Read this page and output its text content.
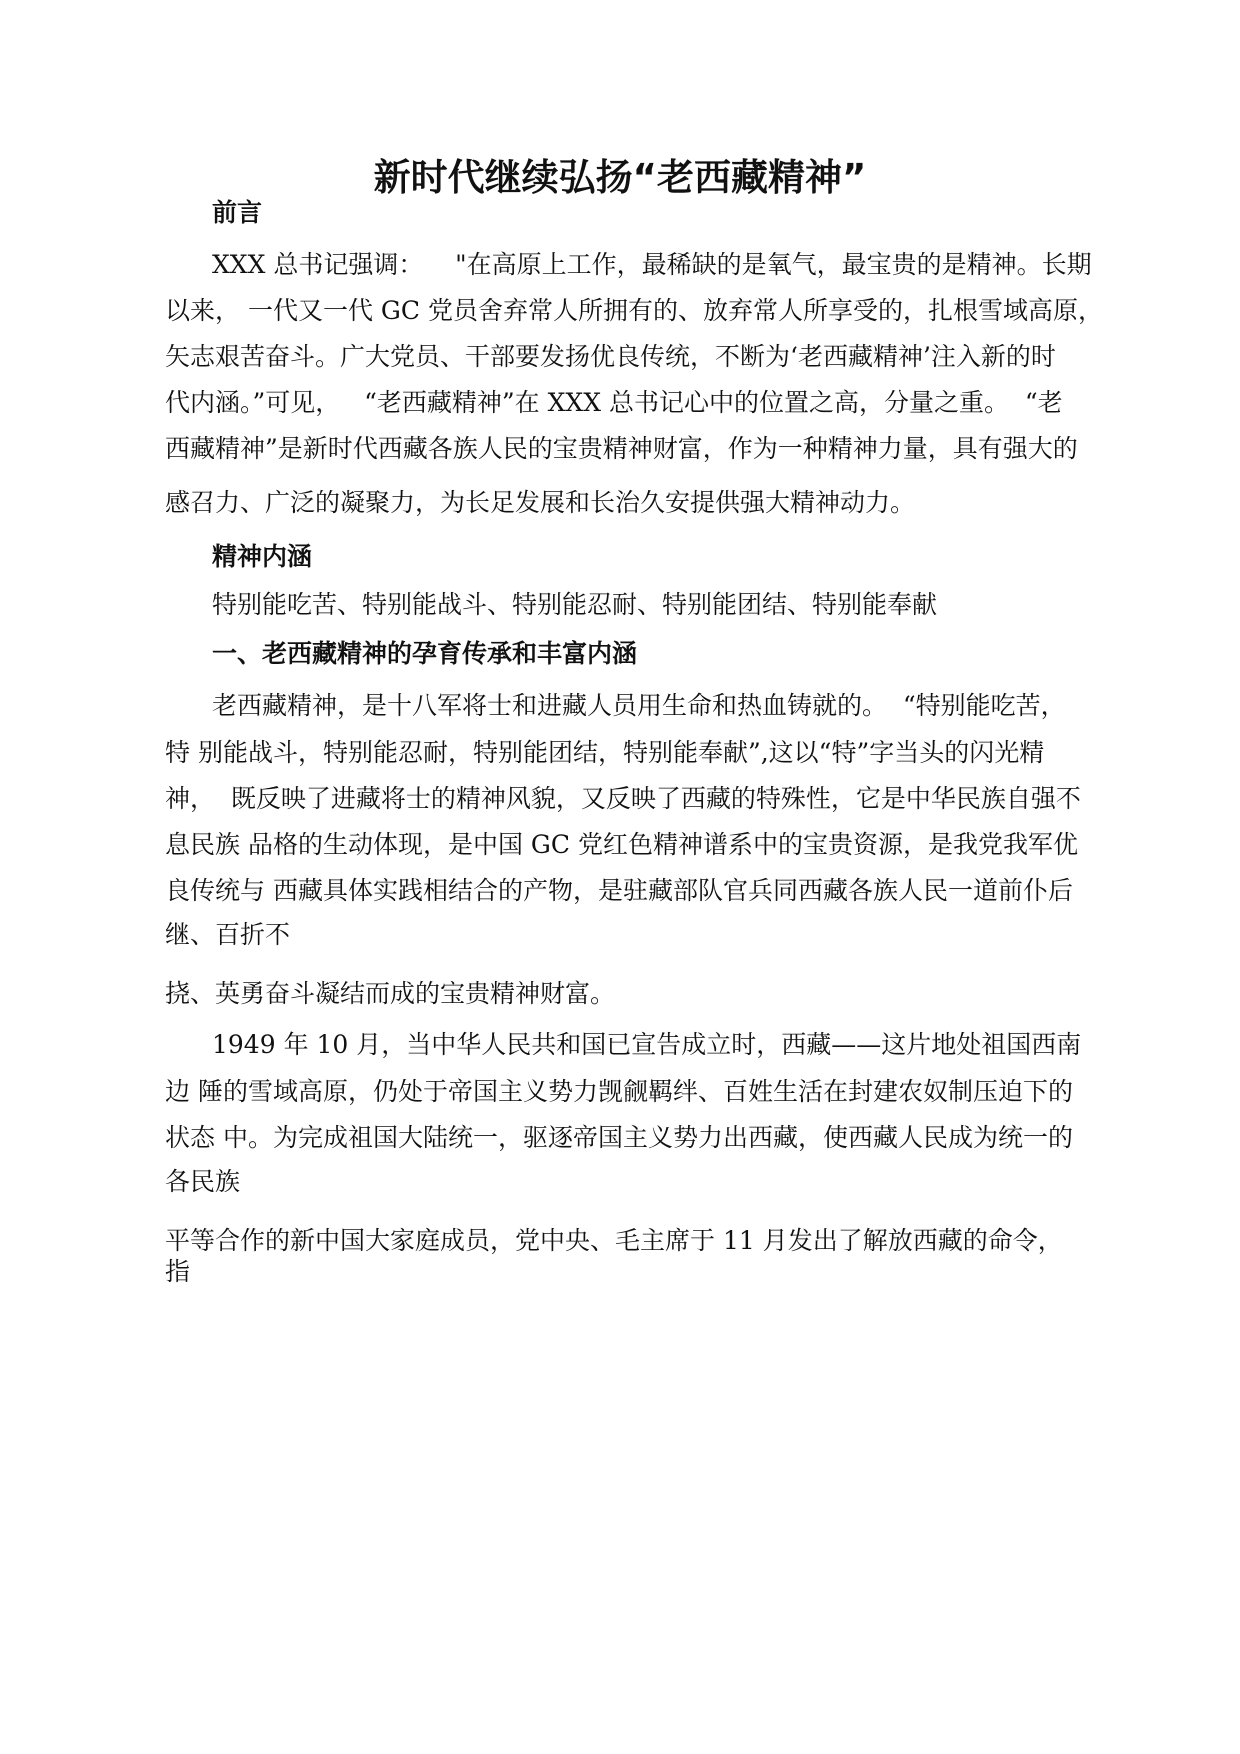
新时代继续弘扬“老西藏精神”
前言

XXX 总书记强调：    "在高原上工作，最稀缺的是氧气，最宝贵的是精神。长期

以来， 一代又一代 GC 党员舍弃常人所拥有的、放弃常人所享受的，扎根雪域高原，

矢志艰苦奋斗。广大党员、干部要发扬优良传统，不断为‘老西藏精神’注入新的时

代内涵。”可见，   “老西藏精神”在 XXX 总书记心中的位置之高，分量之重。  “老

西藏精神”是新时代西藏各族人民的宝贵精神财富，作为一种精神力量，具有强大的

感召力、广泛的凝聚力，为长足发展和长治久安提供强大精神动力。

精神内涵

特别能吃苦、特别能战斗、特别能忍耐、特别能团结、特别能奉献

一、老西藏精神的孕育传承和丰富内涵

老西藏精神，是十八军将士和进藏人员用生命和热血铸就的。  “特别能吃苦，

特 别能战斗，特别能忍耐，特别能团结，特别能奉献”,这以“特”字当头的闪光精

神，  既反映了进藏将士的精神风貌，又反映了西藏的特殊性，它是中华民族自强不

息民族 品格的生动体现，是中国 GC 党红色精神谱系中的宝贵资源，是我党我军优

良传统与 西藏具体实践相结合的产物，是驻藏部队官兵同西藏各族人民一道前仆后

继、百折不

挠、英勇奋斗凝结而成的宝贵精神财富。

1949 年 10 月，当中华人民共和国已宣告成立时，西藏——这片地处祖国西南

边 陲的雪域高原，仍处于帝国主义势力觊觎羁绊、百姓生活在封建农奴制压迫下的

状态 中。为完成祖国大陆统一，驱逐帝国主义势力出西藏，使西藏人民成为统一的

各民族

平等合作的新中国大家庭成员，党中央、毛主席于 11 月发出了解放西藏的命令，

指
